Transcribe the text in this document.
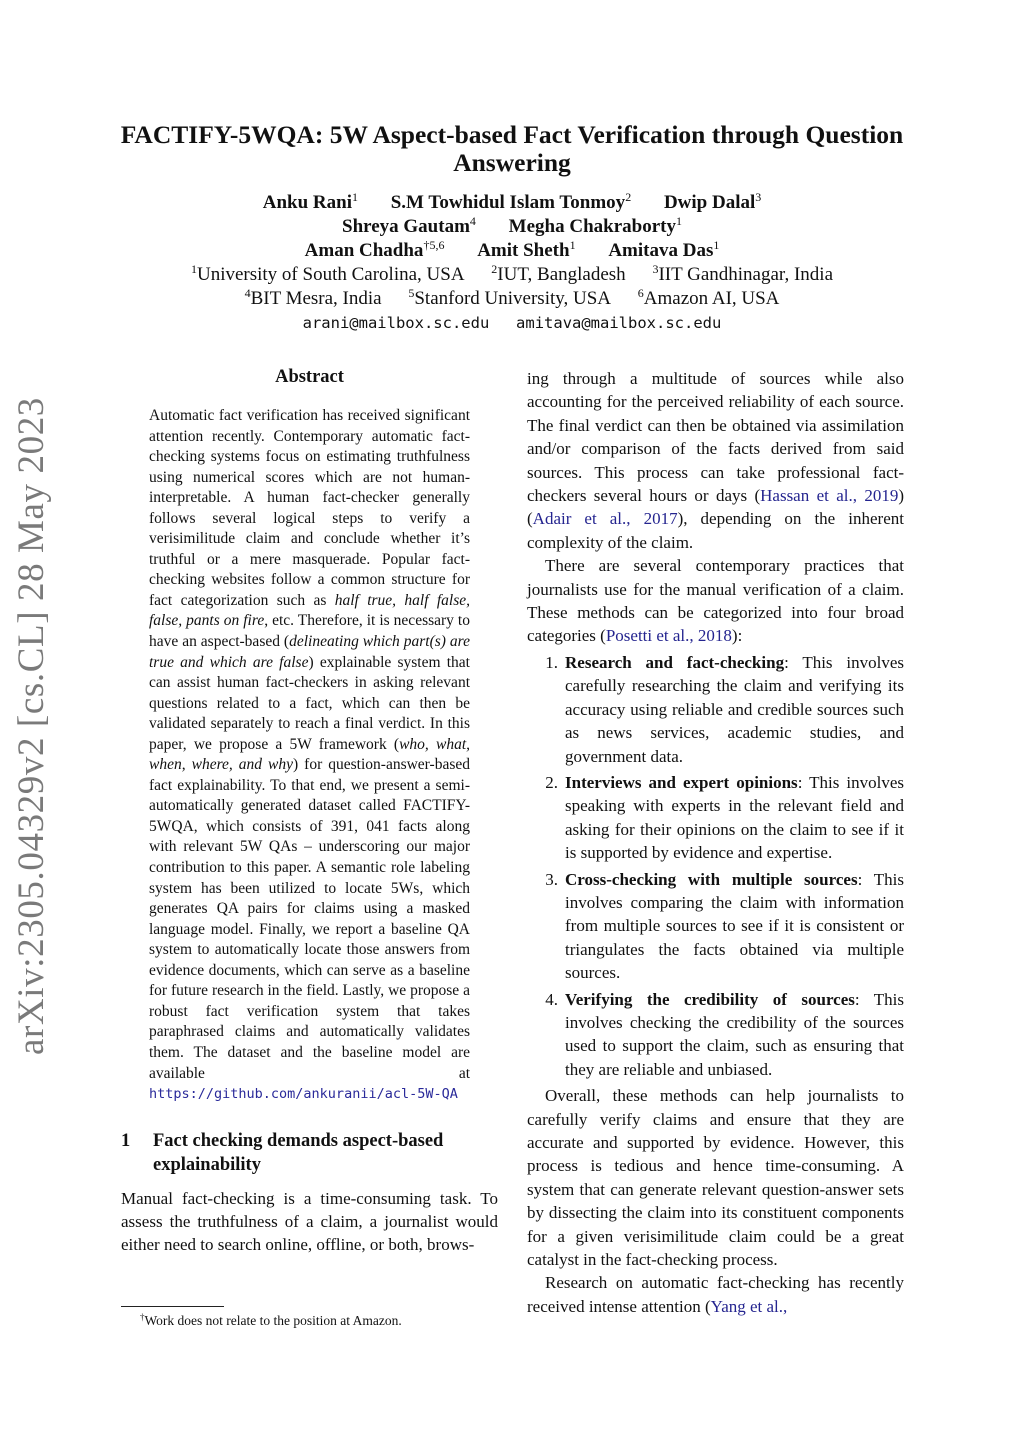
arXiv:2305.04329v2 [cs.CL] 28 May 2023
FACTIFY-5WQA: 5W Aspect-based Fact Verification through Question
Answering
Anku Rani$^1$ S.M Towhidul Islam Tonmoy$^2$ Dwip Dalal$^3$
Shreya Gautam$^4$ Megha Chakraborty$^1$
Aman Chadha$^{\dagger 5,6}$ Amit Sheth$^1$ Amitava Das$^1$
$^1$University of South Carolina, USA $^2$IUT, Bangladesh $^3$IIT Gandhinagar, India
$^4$BIT Mesra, India $^5$Stanford University, USA $^6$Amazon AI, USA
arani@mailbox.sc.edu amitava@mailbox.sc.edu
Abstract
Automatic fact verification has received significant attention recently. Contemporary automatic fact-checking systems focus on estimating truthfulness using numerical scores which are not human-interpretable. A human fact-checker generally follows several logical steps to verify a verisimilitude claim and conclude whether it’s truthful or a mere masquerade. Popular fact-checking websites follow a common structure for fact categorization such as half true, half false, false, pants on fire, etc. Therefore, it is necessary to have an aspect-based (delineating which part(s) are true and which are false) explainable system that can assist human fact-checkers in asking relevant questions related to a fact, which can then be validated separately to reach a final verdict. In this paper, we propose a 5W framework (who, what, when, where, and why) for question-answer-based fact explainability. To that end, we present a semi-automatically generated dataset called FACTIFY-5WQA, which consists of 391, 041 facts along with relevant 5W QAs – underscoring our major contribution to this paper. A semantic role labeling system has been utilized to locate 5Ws, which generates QA pairs for claims using a masked language model. Finally, we report a baseline QA system to automatically locate those answers from evidence documents, which can serve as a baseline for future research in the field. Lastly, we propose a robust fact verification system that takes paraphrased claims and automatically validates them. The dataset and the baseline model are available at https://github.com/ankuranii/acl-5W-QA
1	Fact checking demands aspect-based explainability

Manual fact-checking is a time-consuming task. To assess the truthfulness of a claim, a journalist would either need to search online, offline, or both, brows-

†Work does not relate to the position at Amazon.

ing through a multitude of sources while also accounting for the perceived reliability of each source. The final verdict can then be obtained via assimilation and/or comparison of the facts derived from said sources. This process can take professional fact-checkers several hours or days (Hassan et al., 2019) (Adair et al., 2017), depending on the inherent complexity of the claim.

There are several contemporary practices that journalists use for the manual verification of a claim. These methods can be categorized into four broad categories (Posetti et al., 2018):

1. Research and fact-checking: This involves carefully researching the claim and verifying its accuracy using reliable and credible sources such as news services, academic studies, and government data.
2. Interviews and expert opinions: This involves speaking with experts in the relevant field and asking for their opinions on the claim to see if it is supported by evidence and expertise.
3. Cross-checking with multiple sources: This involves comparing the claim with information from multiple sources to see if it is consistent or triangulates the facts obtained via multiple sources.
4. Verifying the credibility of sources: This involves checking the credibility of the sources used to support the claim, such as ensuring that they are reliable and unbiased.

Overall, these methods can help journalists to carefully verify claims and ensure that they are accurate and supported by evidence. However, this process is tedious and hence time-consuming. A system that can generate relevant question-answer sets by dissecting the claim into its constituent components for a given verisimilitude claim could be a great catalyst in the fact-checking process.

Research on automatic fact-checking has recently received intense attention (Yang et al.,
